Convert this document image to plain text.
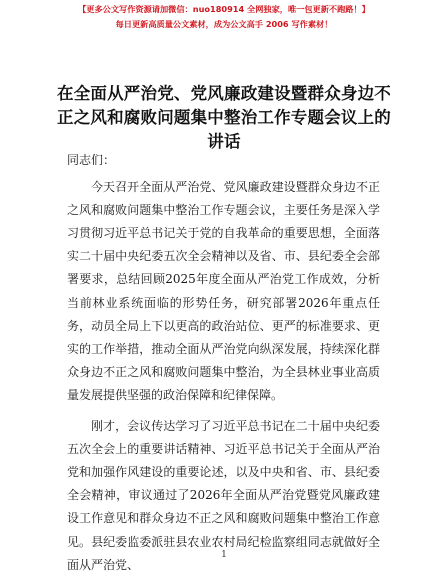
【更多公文写作资源请加微信：nuo180914 全网独家，唯一包更新不跑路！】
每日更新高质量公文素材，成为公文高手 2006 写作素材！
在全面从严治党、党风廉政建设暨群众身边不正之风和腐败问题集中整治工作专题会议上的讲话

同志们：

今天召开全面从严治党、党风廉政建设暨群众身边不正之风和腐败问题集中整治工作专题会议，主要任务是深入学习贯彻习近平总书记关于党的自我革命的重要思想，全面落实二十届中央纪委五次全会精神以及省、市、县纪委全会部署要求，总结回顾2025年度全面从严治党工作成效，分析当前林业系统面临的形势任务，研究部署2026年重点任务，动员全局上下以更高的政治站位、更严的标准要求、更实的工作举措，推动全面从严治党向纵深发展，持续深化群众身边不正之风和腐败问题集中整治，为全县林业事业高质量发展提供坚强的政治保障和纪律保障。

刚才，会议传达学习了习近平总书记在二十届中央纪委五次全会上的重要讲话精神、习近平总书记关于全面从严治党和加强作风建设的重要论述，以及中央和省、市、县纪委全会精神，审议通过了2026年全面从严治党暨党风廉政建设工作意见和群众身边不正之风和腐败问题集中整治工作意见。县纪委监委派驻县农业农村局纪检监察组同志就做好全面从严治党、

1
